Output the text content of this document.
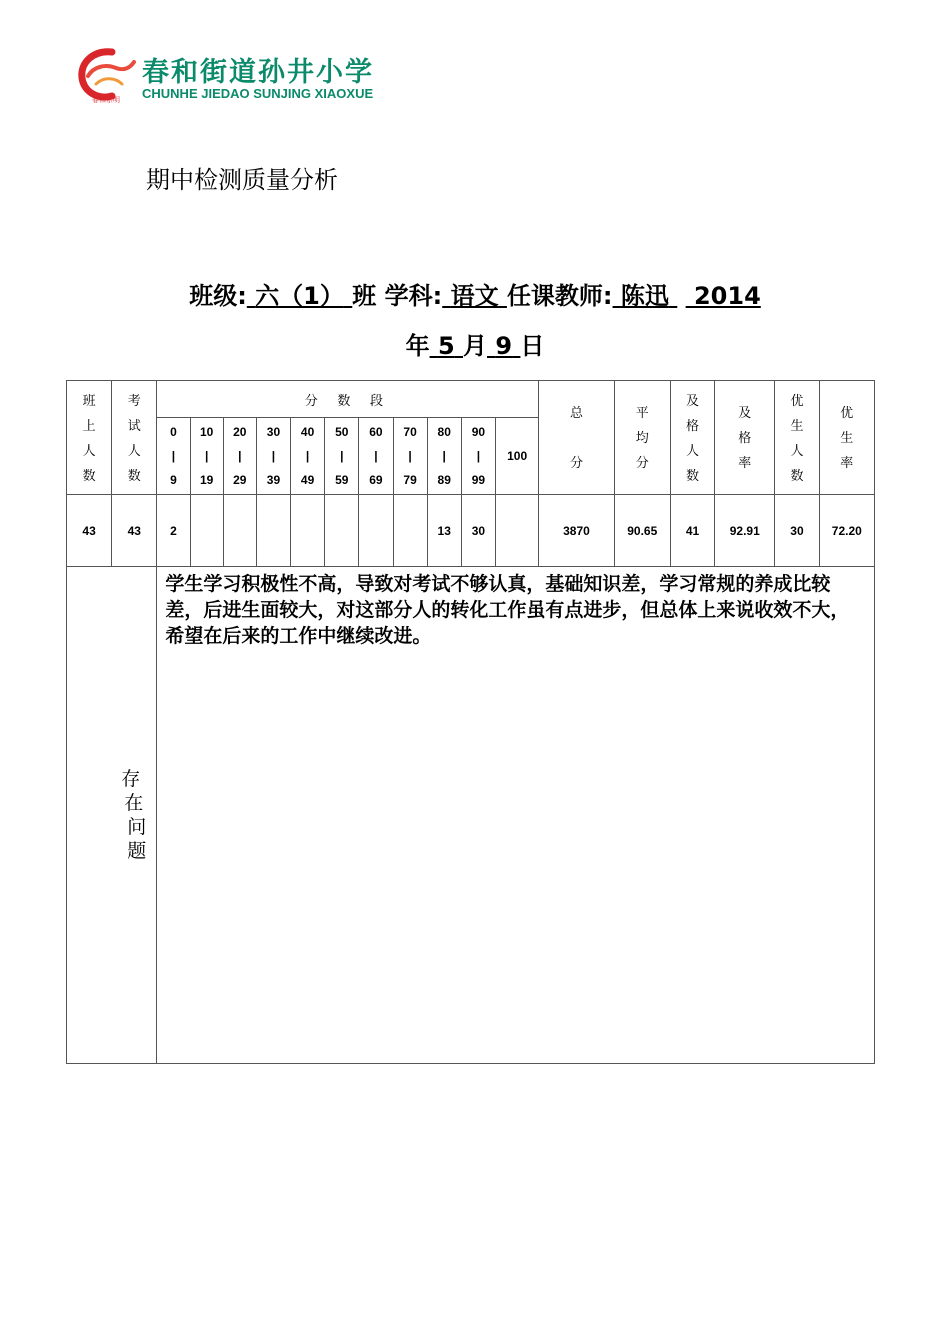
春和崇明
春和街道孙井小学
CHUNHE JIEDAO SUNJING XIAOXUE
期中检测质量分析
班级: 六（1） 班 学科: 语文 任课教师: 陈迅 2014
年 5 月 9 日
班
上
人
数	考
试
人
数	分 数 段											总
分	平
均
分	及
格
人
数	及
格
率	优
生
人
数	优
生
率
		0
|
9	10
|
19	20
|
29	30
|
39	40
|
49	50
|
59	60
|
69	70
|
79	80
|
89	90
|
99	100						
43	43	2								13	30		3870	90.65	41	92.91	30	72.20
存
在
问
题		学生学习积极性不高，导致对考试不够认真，基础知识差，学习常规的养成比较差，后进生面较大，对这部分人的转化工作虽有点进步，但总体上来说收效不大，希望在后来的工作中继续改进。																
